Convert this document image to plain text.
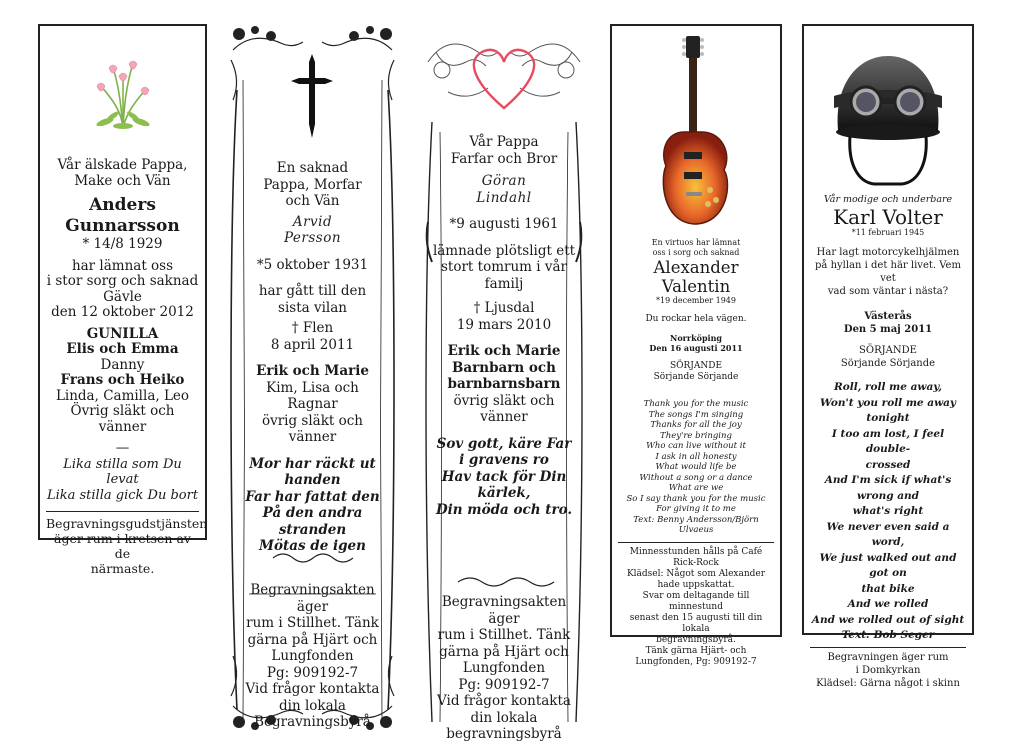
Vår älskade Pappa,
Make och Vän
Anders
Gunnarsson
* 14/8 1929
har lämnat oss
i stor sorg och saknad
Gävle
den 12 oktober 2012
GUNILLA
Elis och Emma
Danny
Frans och Heiko
Linda, Camilla, Leo
Övrig släkt och vänner
—
Lika stilla som Du levat
Lika stilla gick Du bort
Begravningsgudstjänsten
äger rum i kretsen av de
närmaste.
En saknad
Pappa, Morfar
och Vän
Arvid
Persson
*5 oktober 1931
har gått till den
sista vilan
† Flen
8 april 2011
Erik och Marie
Kim, Lisa och Ragnar
övrig släkt och vänner
Mor har räckt ut handen
Far har fattat den
På den andra stranden
Mötas de igen
Begravningsakten äger
rum i Stillhet. Tänk
gärna på Hjärt och
Lungfonden
Pg: 909192-7
Vid frågor kontakta
din lokala
Begravningsbyrå
Vår Pappa
Farfar och Bror
Göran
Lindahl
*9 augusti 1961
lämnade plötsligt ett
stort tomrum i vår
familj
† Ljusdal
19 mars 2010
Erik och Marie
Barnbarn och
barnbarnsbarn
övrig släkt och
vänner
Sov gott, käre Far
i gravens ro
Hav tack för Din kärlek,
Din möda och tro.
Begravningsakten äger
rum i Stillhet. Tänk
gärna på Hjärt och
Lungfonden
Pg: 909192-7
Vid frågor kontakta
din lokala
begravningsbyrå
En virtuos har lämnat
oss i sorg och saknad
Alexander Valentin
*19 december 1949
Du rockar hela vägen.
Norrköping
Den 16 augusti 2011
SÖRJANDE
Sörjande Sörjande
Thank you for the music
The songs I'm singing
Thanks for all the joy
They're bringing
Who can live without it
I ask in all honesty
What would life be
Without a song or a dance
What are we
So I say thank you for the music
For giving it to me
Text: Benny Andersson/Björn Ulvaeus
Minnesstunden hålls på Café Rick-Rock
Klädsel: Något som Alexander
hade uppskattat.
Svar om deltagande till minnestund
senast den 15 augusti till din lokala
begravningsbyrå.
Tänk gärna Hjärt- och
Lungfonden, Pg: 909192-7
Vår modige och underbare
Karl Volter
*11 februari 1945
Har lagt motorcykelhjälmen
på hyllan i det här livet. Vem vet
vad som väntar i nästa?
Västerås
Den 5 maj 2011
SÖRJANDE
Sörjande Sörjande
Roll, roll me away,
Won't you roll me away tonight
I too am lost, I feel double-
crossed
And I'm sick if what's wrong and
what's right
We never even said a word,
We just walked out and got on
that bike
And we rolled
And we rolled out of sight
Text: Bob Seger
Begravningen äger rum
i Domkyrkan
Klädsel: Gärna något i skinn
